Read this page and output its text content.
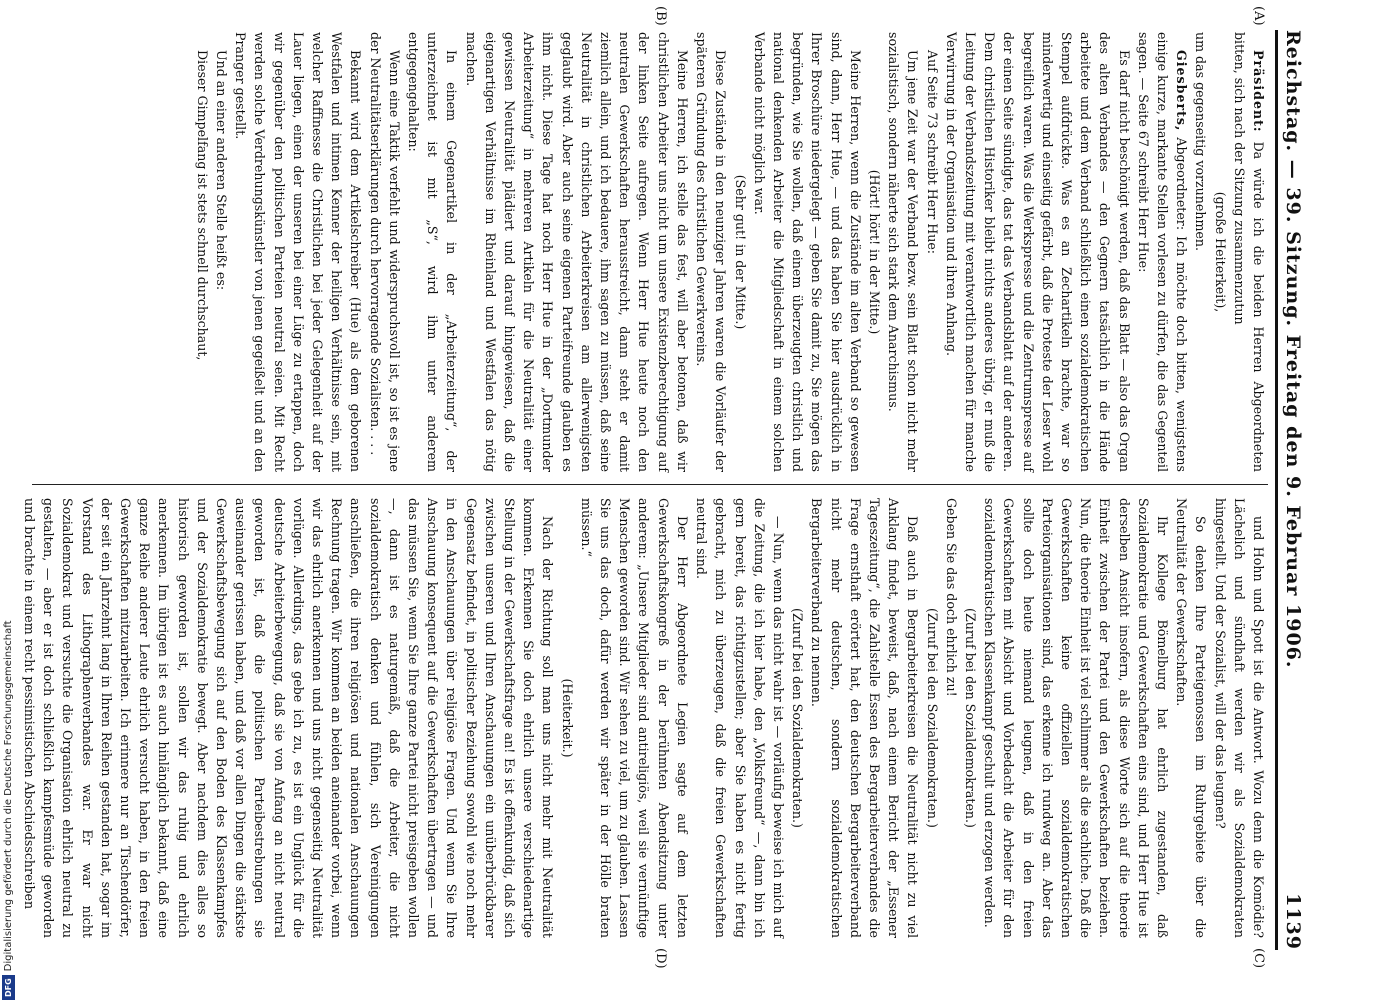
Reichstag. — 39. Sitzung. Freitag den 9. Februar 1906.
1139
(A)
(B)
(C)
(D)

Präsident: Da würde ich die beiden Herren Abgeordneten bitten, sich nach der Sitzung zusammenzutun

(große Heiterkeit),

um das gegenseitig vorzunehmen.

Giesberts, Abgeordneter: Ich möchte doch bitten, wenigstens einige kurze, markante Stellen vorlesen zu dürfen, die das Gegenteil sagen. — Seite 67 schreibt Herr Hue:

Es darf nicht beschönigt werden, daß das Blatt — also das Organ des alten Verbandes — den Gegnern tatsächlich in die Hände arbeitete und dem Verband schließlich einen sozialdemokratischen Stempel aufdrückte. Was es an Zechartikeln brachte, war so minderwertig und einseitig gefärbt, daß die Proteste der Leser wohl begreiflich waren. Was die Werkspresse und die Zentrumspresse auf der einen Seite sündigte, das tat das Verbandsblatt auf der anderen. Dem christlichen Historiker bleibt nichts anderes übrig, er muß die Leitung der Verbandszeitung mit verantwortlich machen für manche Verwirrung in der Organisation und ihren Anhang.

Auf Seite 73 schreibt Herr Hue:

Um jene Zeit war der Verband bezw. sein Blatt schon nicht mehr sozialistisch, sondern näherte sich stark dem Anarchismus.

(Hört! hört! in der Mitte.)

Meine Herren, wenn die Zustände im alten Verband so gewesen sind, dann, Herr Hue, — und das haben Sie hier ausdrücklich in Ihrer Broschüre niedergelegt — geben Sie damit zu, Sie mögen das begründen, wie Sie wollen, daß einem überzeugten christlich und national denkenden Arbeiter die Mitgliedschaft in einem solchen Verbande nicht möglich war.

(Sehr gut! in der Mitte.)

Diese Zustände in den neunziger Jahren waren die Vorläufer der späteren Gründung des christlichen Gewerkvereins.

Meine Herren, ich stelle das fest, will aber betonen, daß wir christlichen Arbeiter uns nicht um unsere Existenzberechtigung auf der linken Seite aufregen. Wenn Herr Hue heute noch den neutralen Gewerkschaften herausstreicht, dann steht er damit ziemlich allein, und ich bedauere, ihm sagen zu müssen, daß seine Neutralität in christlichen Arbeiterkreisen am allerwenigsten geglaubt wird. Aber auch seine eigenen Parteifreunde glauben es ihm nicht. Diese Tage hat noch Herr Hue in der „Dortmunder Arbeiterzeitung“ in mehreren Artikeln für die Neutralität einer gewissen Neutralität plädiert und darauf hingewiesen, daß die eigenartigen Verhältnisse im Rheinland und Westfalen das nötig machen.

In einem Gegenartikel in der „Arbeiterzeitung“, der unterzeichnet ist mit „S“, wird ihm unter anderem entgegengehalten:

Wenn eine Taktik verfehlt und widerspruchsvoll ist, so ist es jene der Neutralitätserklärungen durch hervorragende Sozialisten. . . .

Bekannt wird dem Artikelschreiber (Hue) als dem geborenen Westfalen und intimen Kenner der heiligen Verhältnisse sein, mit welcher Raffinesse die Christlichen bei jeder Gelegenheit auf der Lauer liegen, einen der unseren bei einer Lüge zu ertappen, doch wir gegenüber den politischen Parteien neutral seien. Mit Recht werden solche Verdrehungskünstler von jenen gegeißelt und an den Pranger gestellt.

Und an einer anderen Stelle heißt es:

Dieser Gimpelfang ist stets schnell durchschaut,

und Hohn und Spott ist die Antwort. Wozu denn die Komödie? Lächelich und sündhaft werden wir als Sozialdemokraten hingestellt. Und der Sozialist, will der das leugnen?

So denken Ihre Parteigenossen im Ruhrgebiete über die Neutralität der Gewerkschaften.

Ihr Kollege Bömelburg hat ehrlich zugestanden, daß Sozialdemokratie und Gewerkschaften eins sind, und Herr Hue ist derselben Ansicht insofern, als diese Worte sich auf die theorie Einheit zwischen der Partei und den Gewerkschaften beziehen. Nun, die theorie Einheit ist viel schlimmer als die sachliche. Daß die Gewerkschaften keine offiziellen sozialdemokratischen Parteiorganisationen sind, das erkenne ich rundweg an. Aber das sollte doch heute niemand leugnen, daß in den freien Gewerkschaften mit Absicht und Vorbedacht die Arbeiter für den sozialdemokratischen Klassenkampf geschult und erzogen werden.

(Zuruf bei den Sozialdemokraten.)

Geben Sie das doch ehrlich zu!

(Zuruf bei den Sozialdemokraten.)

Daß auch in Bergarbeiterkreisen die Neutralität nicht zu viel Anklang findet, beweist, daß, nach einem Bericht der „Essener Tageszeitung“, die Zahlstelle Essen des Bergarbeiterverbandes die Frage ernsthaft erörtert hat, den deutschen Bergarbeiterverband nicht mehr deutschen, sondern sozialdemokratischen Bergarbeiterverband zu nennen.

(Zuruf bei den Sozialdemokraten.)

— Nun, wenn das nicht wahr ist — vorläufig beweise ich mich auf die Zeitung, die ich hier habe, den „Volksfreund“ —, dann bin ich gern bereit, das richtigzustellen; aber Sie haben es nicht fertig gebracht, mich zu überzeugen, daß die freien Gewerkschaften neutral sind.

Der Herr Abgeordnete Legien sagte auf dem letzten Gewerkschaftskongreß in der berühmten Abendsitzung unter anderem: „Unsere Mitglieder sind antireligiös, weil sie vernünftige Menschen geworden sind. Wir sehen zu viel, um zu glauben. Lassen Sie uns das doch, dafür werden wir später in der Hölle braten müssen.“

(Heiterkeit.)

Nach der Richtung soll man uns nicht mehr mit Neutralität kommen. Erkennen Sie doch ehrlich unsere verschiedenartige Stellung in der Gewerkschaftsfrage an! Es ist offenkundig, daß sich zwischen unseren und Ihren Anschauungen ein unüberbrückbarer Gegensatz befindet, in politischer Beziehung sowohl wie noch mehr in den Anschauungen über religiöse Fragen. Und wenn Sie Ihre Anschauung konsequent auf die Gewerkschaften übertragen — und das müssen Sie, wenn Sie Ihre ganze Partei nicht preisgeben wollen —, dann ist es naturgemäß, daß die Arbeiter, die nicht sozialdemokratisch denken und fühlen, sich Vereinigungen anschließen, die ihren religiösen und nationalen Anschauungen Rechnung tragen. Wir kommen an beiden aneinander vorbei, wenn wir das ehrlich anerkennen und uns nicht gegenseitig Neutralität vorlügen. Allerdings, das gebe ich zu, es ist ein Unglück für die deutsche Arbeiterbewegung, daß sie von Anfang an nicht neutral geworden ist, daß die politischen Parteibestrebungen sie auseinander gerissen haben, und daß vor allen Dingen die stärkste Gewerkschaftsbewegung sich auf den Boden des Klassenkampfes und der Sozialdemokratie bewegt. Aber nachdem dies alles so historisch geworden ist, sollen wir das ruhig und ehrlich anerkennen. Im übrigen ist es auch hinlänglich bekannt, daß eine ganze Reihe anderer Leute ehrlich versucht haben, in den freien Gewerkschaften mitzuarbeiten. Ich erinnere nur an Tischendörfer, der seit ein Jahrzehnt lang in Ihren Reihen gestanden hat, sogar im Vorstand des Lithographenverbandes war. Er war nicht Sozialdemokrat und versuchte die Organisation ehrlich neutral zu gestalten, — aber er ist doch schließlich kampfesmüde geworden und brachte in einem recht pessimistischen Abschiedsschreiben

DFGDigitalisierung gefördert durch die Deutsche Forschungsgemeinschaft
